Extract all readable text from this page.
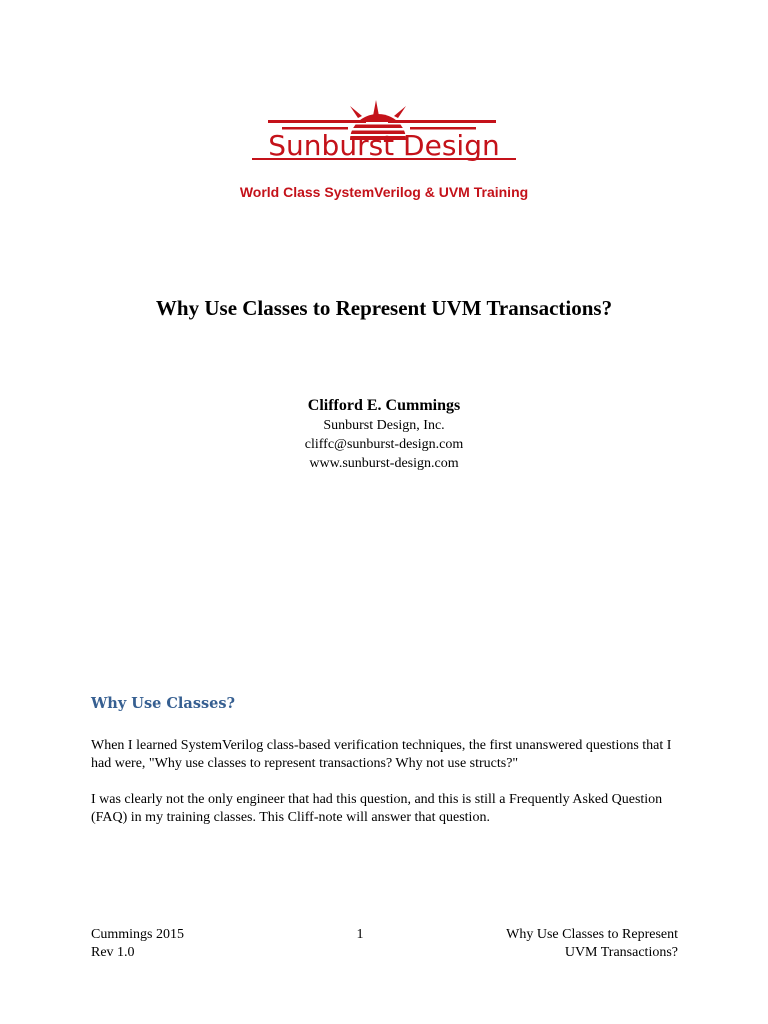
Sunburst Design
World Class SystemVerilog & UVM Training
Why Use Classes to Represent UVM Transactions?
Clifford E. Cummings
Sunburst Design, Inc.
cliffc@sunburst-design.com
www.sunburst-design.com
Why Use Classes?
When I learned SystemVerilog class-based verification techniques, the first unanswered questions that I had were, "Why use classes to represent transactions? Why not use structs?"
I was clearly not the only engineer that had this question, and this is still a Frequently Asked Question (FAQ) in my training classes. This Cliff-note will answer that question.
Cummings 2015
Rev 1.0
1	Why Use Classes to Represent
UVM Transactions?
